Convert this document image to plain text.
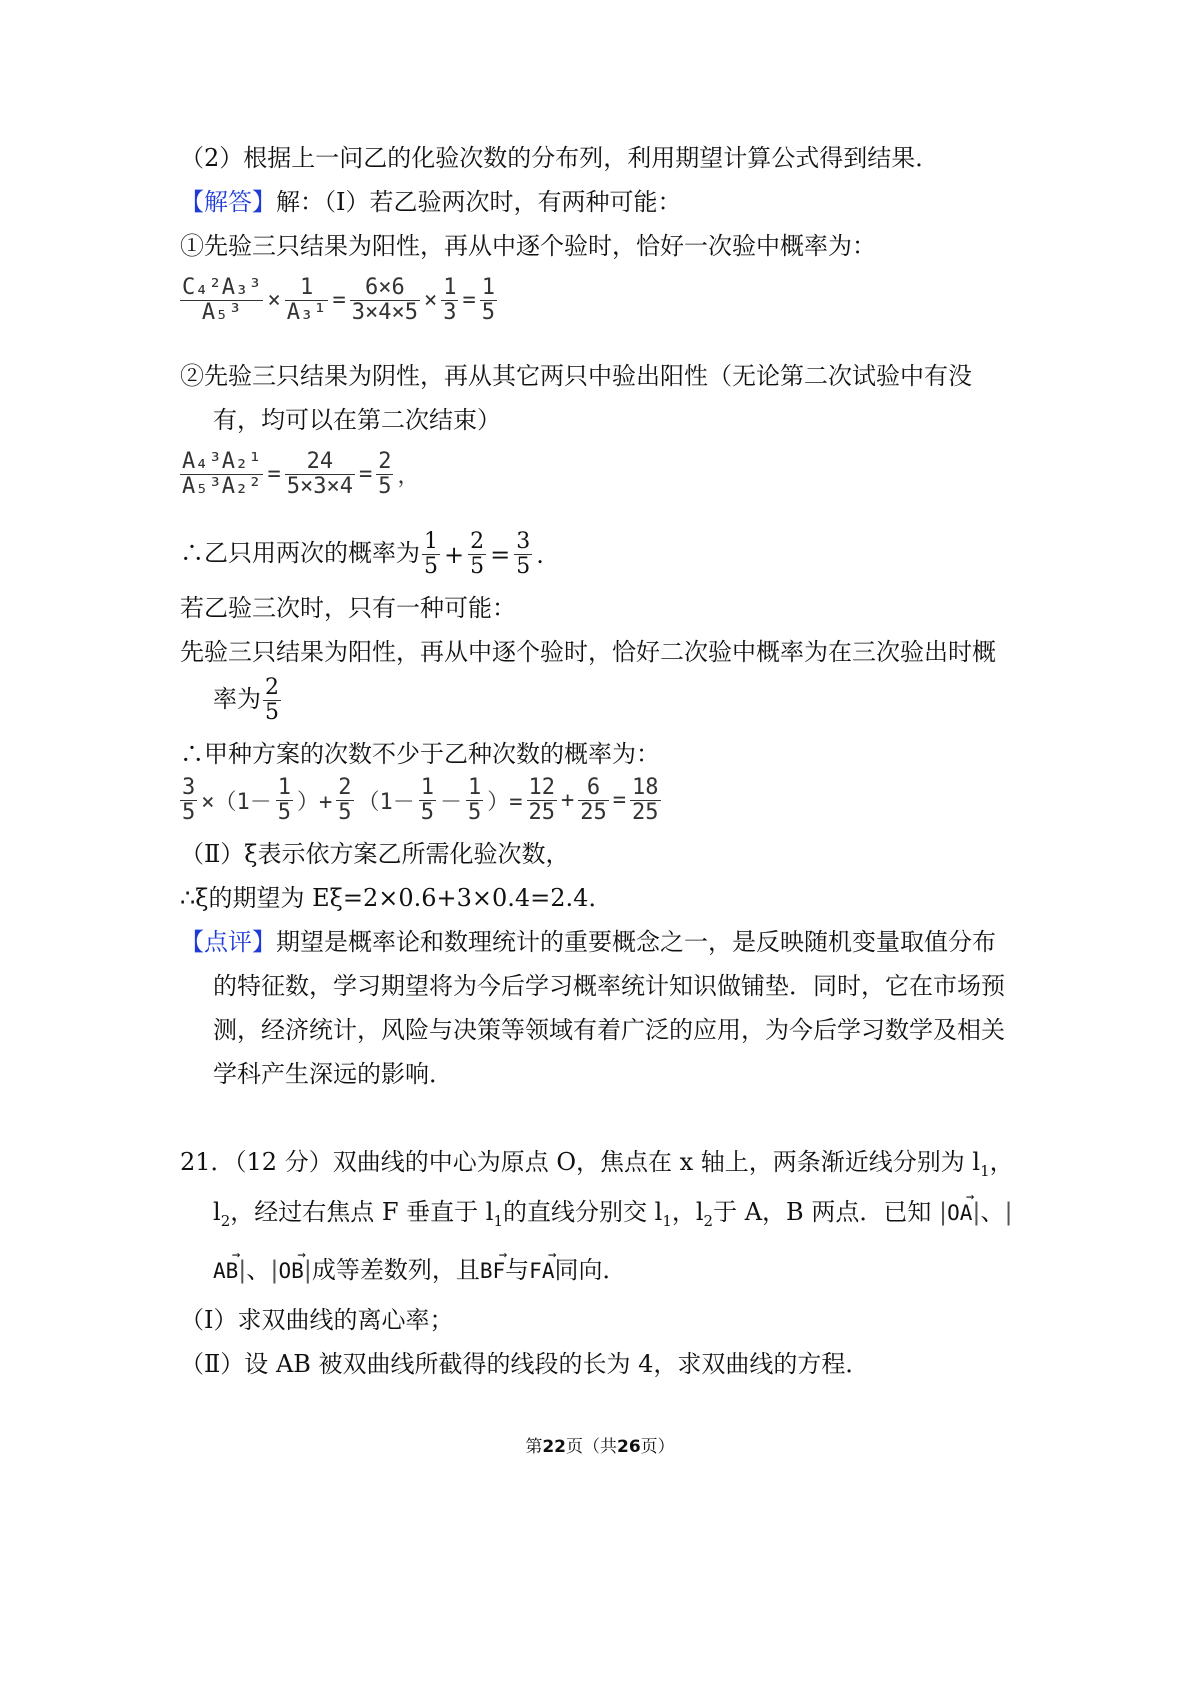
（2）根据上一问乙的化验次数的分布列，利用期望计算公式得到结果．
【解答】解：（Ⅰ）若乙验两次时，有两种可能：
①先验三只结果为阳性，再从中逐个验时，恰好一次验中概率为：
$\frac{\text{C₄²A₃³}}{\text{A₅³}} \times \frac{1}{\text{A₃¹}} = \frac{6\times 6}{3\times 4\times 5} \times \frac{1}{3} = \frac{1}{5}$
②先验三只结果为阴性，再从其它两只中验出阳性（无论第二次试验中有没
有，均可以在第二次结束）
$\frac{\text{A₄³A₂¹}}{\text{A₅³A₂²}} = \frac{24}{5\times 3\times 4} = \frac{2}{5}$ ，
∴乙只用两次的概率为 $\frac{1}{5} + \frac{2}{5} = \frac{3}{5}$ .
若乙验三次时，只有一种可能：
先验三只结果为阳性，再从中逐个验时，恰好二次验中概率为在三次验出时概
率为 $\frac{2}{5}$
∴甲种方案的次数不少于乙种次数的概率为：
$\frac{3}{5} \times(1- \frac{1}{5}$ ）+ $\frac{2}{5} (1- \frac{1}{5} - \frac{1}{5}$ ）= $\frac{12}{25} + \frac{6}{25} = \frac{18}{25}$
（Ⅱ）ξ表示依方案乙所需化验次数，
∴ξ的期望为 Eξ=2×0.6+3×0.4=2.4．
【点评】期望是概率论和数理统计的重要概念之一，是反映随机变量取值分布
的特征数，学习期望将为今后学习概率统计知识做铺垫．同时，它在市场预
测，经济统计，风险与决策等领域有着广泛的应用，为今后学习数学及相关
学科产生深远的影响．
21．（12 分）双曲线的中心为原点 O，焦点在 x 轴上，两条渐近线分别为 $l_1$，
$l_2$，经过右焦点 F 垂直于 $l_1$的直线分别交 $l_1$，$l_2$于 A，B 两点．已知 |→ OA|、|
→ AB|、|→ OB|成等差数列，且→ BF与→ FA同向．
（Ⅰ）求双曲线的离心率；
（Ⅱ）设 AB 被双曲线所截得的线段的长为 4，求双曲线的方程．
第22页（共26页）
